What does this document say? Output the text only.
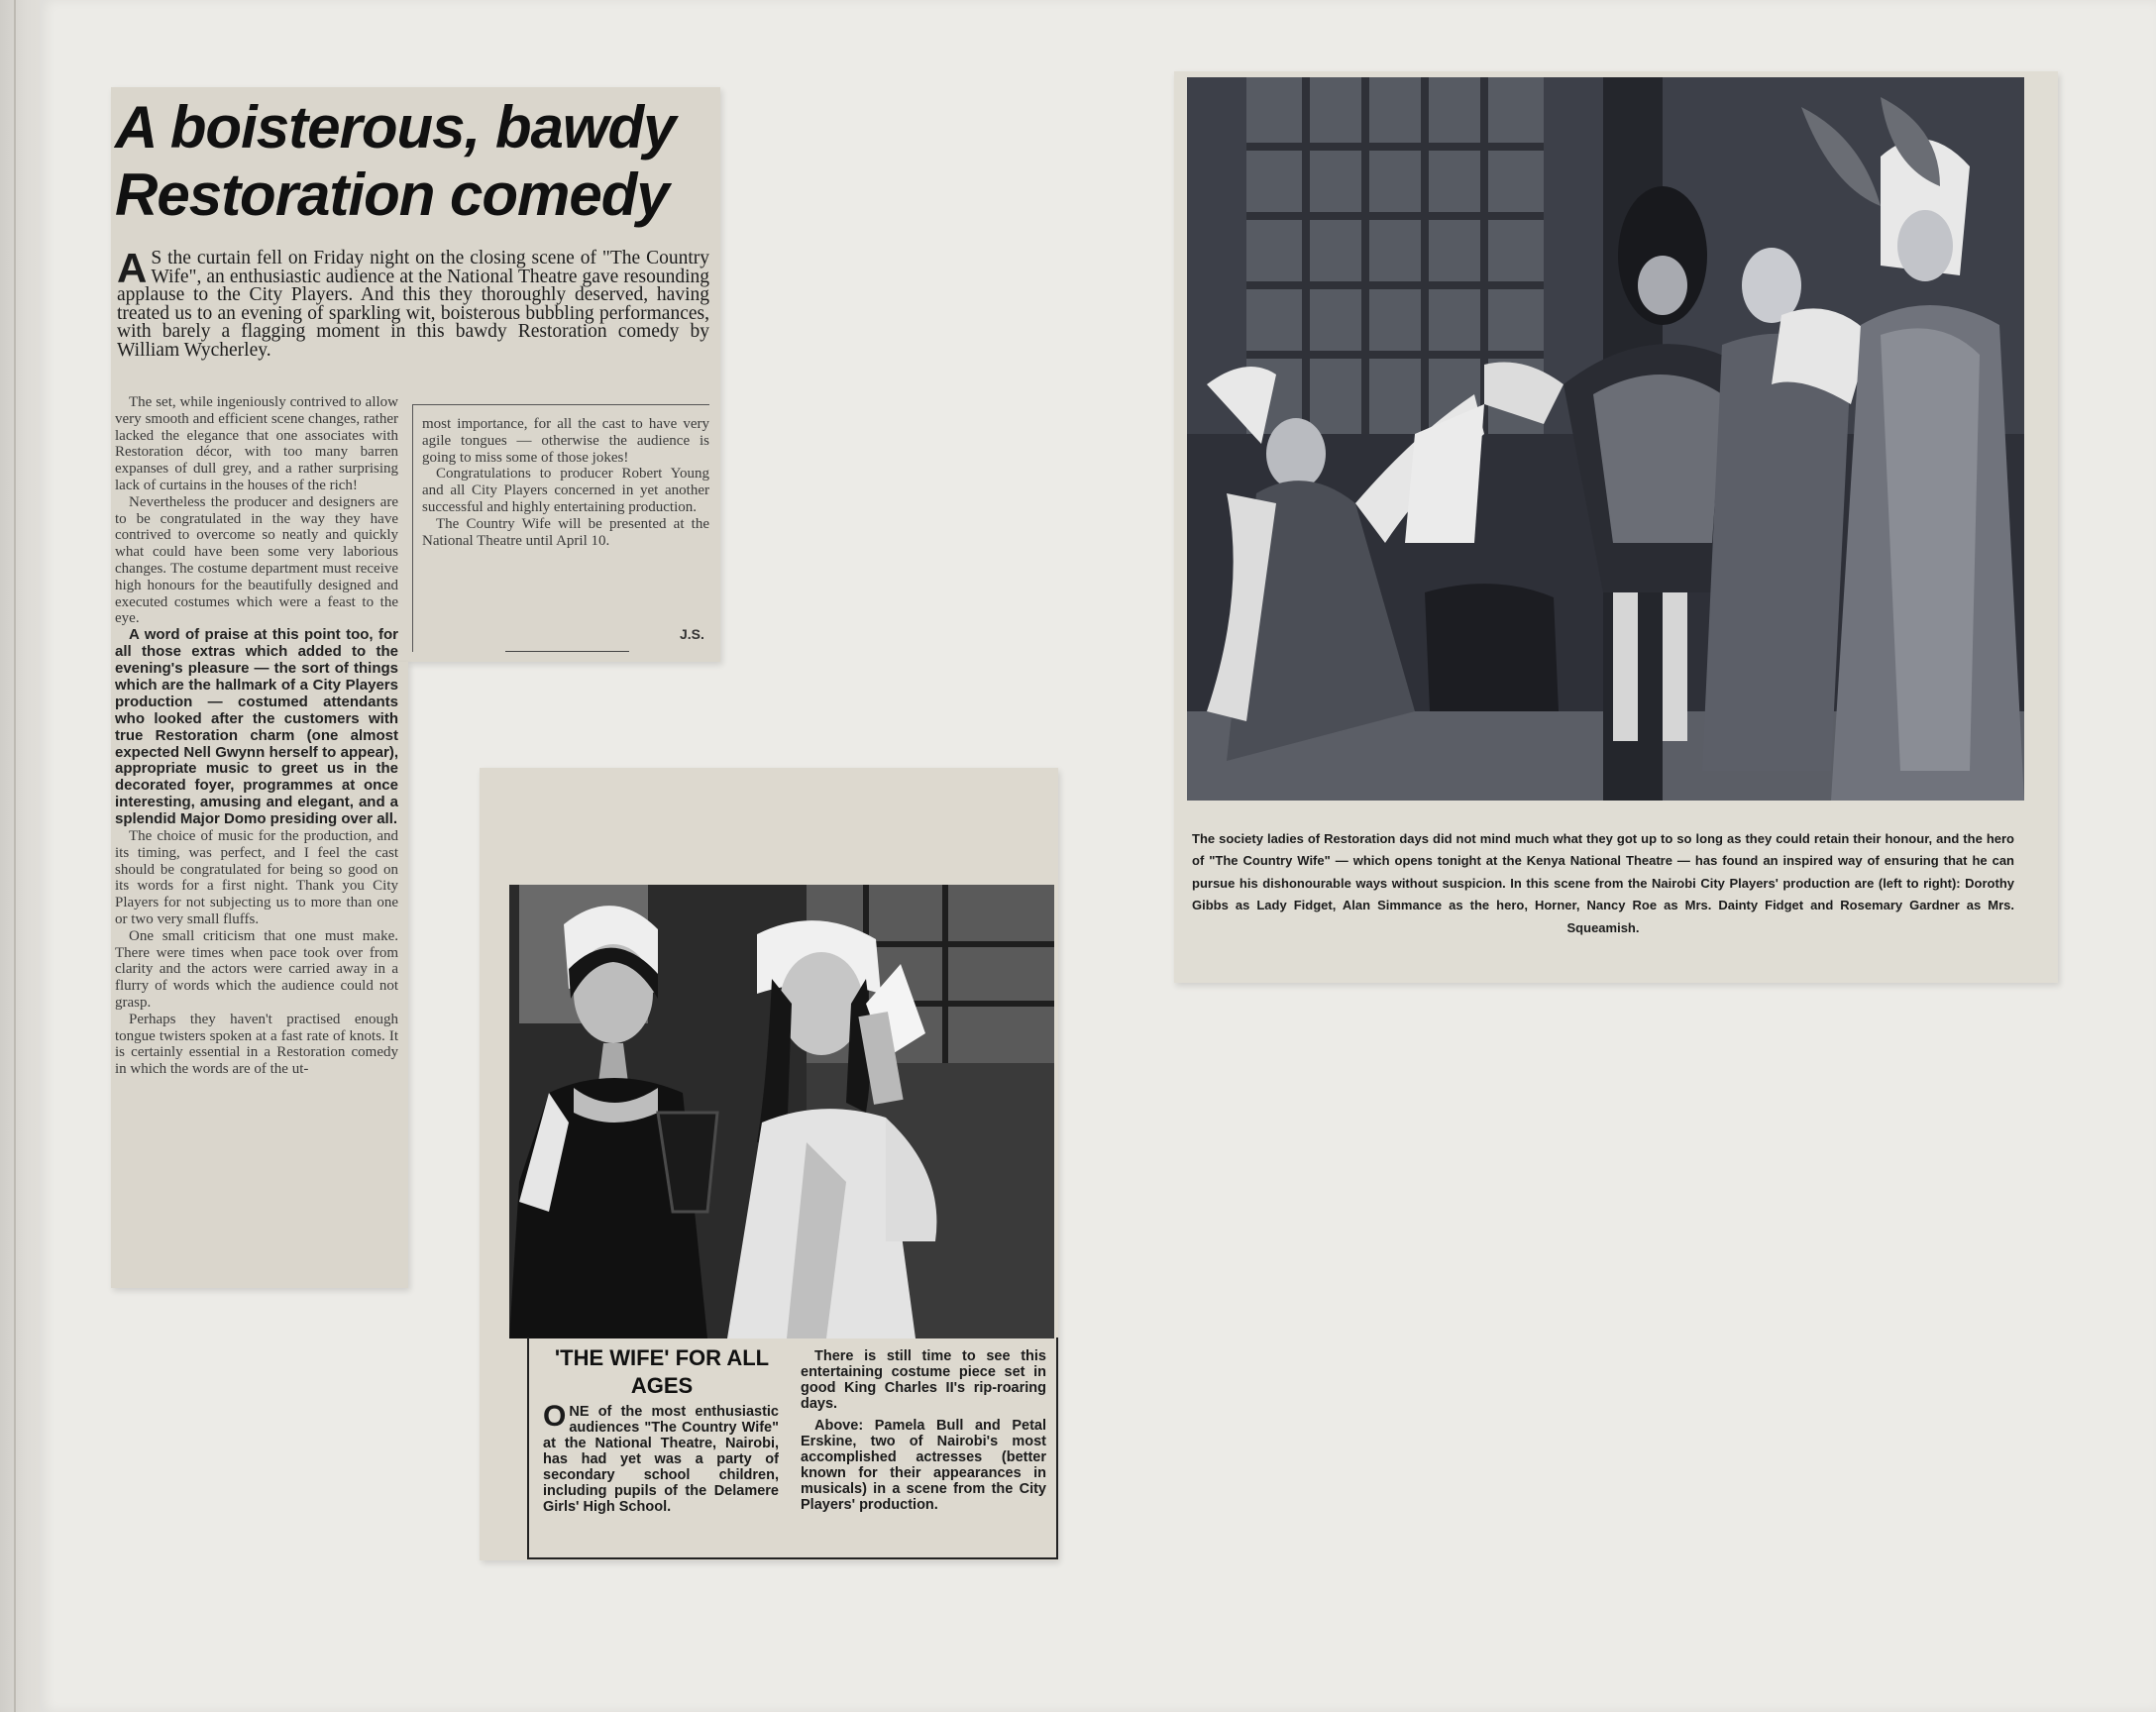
A boisterous, bawdy
Restoration comedy
A S the curtain fell on Friday night on the closing scene of "The Country Wife", an enthusiastic audience at the National Theatre gave resounding applause to the City Players. And this they thoroughly deserved, having treated us to an evening of sparkling wit, boisterous bubbling performances, with barely a flagging moment in this bawdy Restoration comedy by William Wycherley.

The set, while ingeniously contrived to allow very smooth and efficient scene changes, rather lacked the elegance that one associates with Restoration décor, with too many barren expanses of dull grey, and a rather surprising lack of curtains in the houses of the rich!

Nevertheless the producer and designers are to be congratulated in the way they have contrived to overcome so neatly and quickly what could have been some very laborious changes. The costume department must receive high honours for the beautifully designed and executed costumes which were a feast to the eye.

A word of praise at this point too, for all those extras which added to the evening's pleasure — the sort of things which are the hallmark of a City Players production — costumed attendants who looked after the customers with true Restoration charm (one almost expected Nell Gwynn herself to appear), appropriate music to greet us in the decorated foyer, programmes at once interesting, amusing and elegant, and a splendid Major Domo presiding over all.

The choice of music for the production, and its timing, was perfect, and I feel the cast should be congratulated for being so good on its words for a first night. Thank you City Players for not subjecting us to more than one or two very small fluffs.

One small criticism that one must make. There were times when pace took over from clarity and the actors were carried away in a flurry of words which the audience could not grasp.

Perhaps they haven't practised enough tongue twisters spoken at a fast rate of knots. It is certainly essential in a Restoration comedy in which the words are of the ut-

most importance, for all the cast to have very agile tongues — otherwise the audience is going to miss some of those jokes!

Congratulations to producer Robert Young and all City Players concerned in yet another successful and highly entertaining production.

The Country Wife will be presented at the National Theatre until April 10.

J.S.
'THE WIFE' FOR ALL AGES

ONE of the most enthusiastic audiences "The Country Wife" at the National Theatre, Nairobi, has had yet was a party of secondary school children, including pupils of the Delamere Girls' High School.

There is still time to see this entertaining costume piece set in good King Charles II's rip-roaring days.

Above: Pamela Bull and Petal Erskine, two of Nairobi's most accomplished actresses (better known for their appearances in musicals) in a scene from the City Players' production.

The society ladies of Restoration days did not mind much what they got up to so long as they could retain their honour, and the hero of "The Country Wife" — which opens tonight at the Kenya National Theatre — has found an inspired way of ensuring that he can pursue his dishonourable ways without suspicion. In this scene from the Nairobi City Players' production are (left to right): Dorothy Gibbs as Lady Fidget, Alan Simmance as the hero, Horner, Nancy Roe as Mrs. Dainty Fidget and Rosemary Gardner as Mrs. Squeamish.
